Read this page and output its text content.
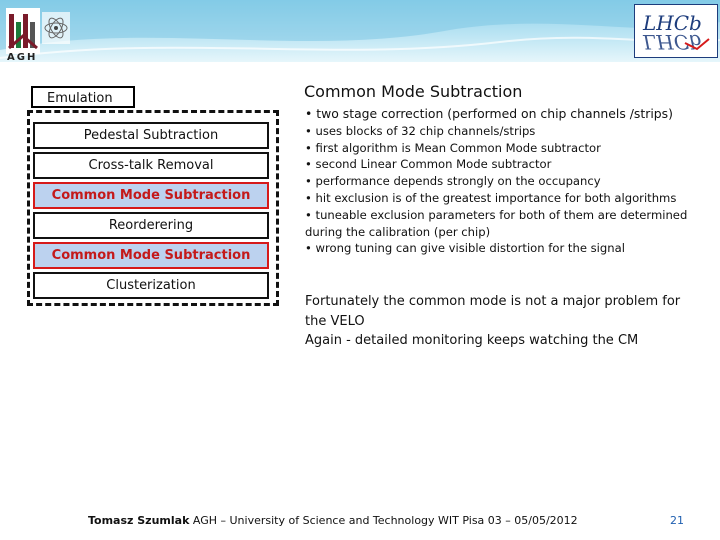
AGH
LHCb
LHCb
Emulation
Pedestal Subtraction
Cross-talk Removal
Common Mode Subtraction
Reorderering
Common Mode Subtraction
Clusterization
Common Mode Subtraction
• two stage correction (performed on chip channels /strips)
• uses blocks of 32 chip channels/strips
• first algorithm is Mean Common Mode subtractor
• second Linear Common Mode subtractor
• performance depends strongly on the occupancy
• hit exclusion is of the greatest importance for both algorithms
• tuneable exclusion parameters for both of them are determined during the calibration (per chip)
• wrong tuning can give visible distortion for the signal
Fortunately the common mode is not a major problem for the VELO
Again - detailed monitoring keeps watching the CM
Tomasz Szumlak AGH – University of Science and Technology WIT Pisa 03 – 05/05/2012	21
